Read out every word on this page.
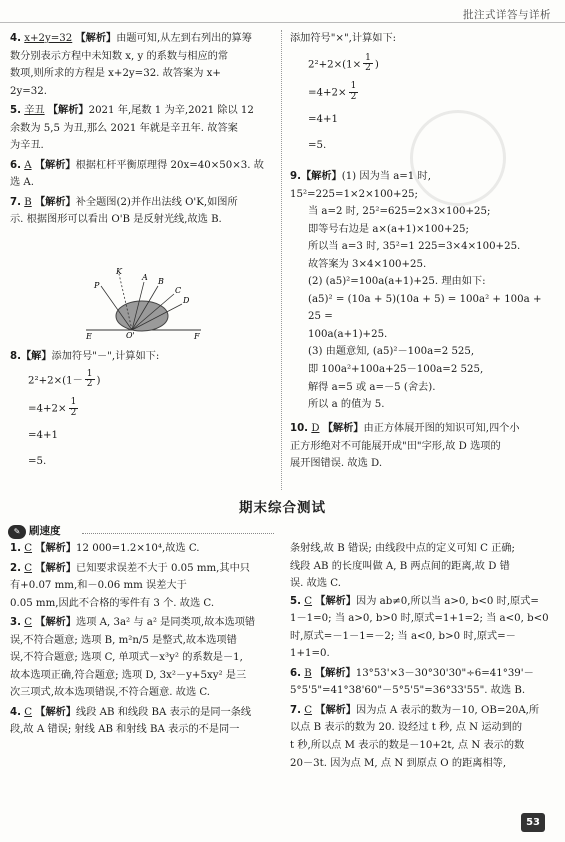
批注式详答与详析

4. x+2y=32 【解析】由题可知,从左到右列出的算筹

数分别表示方程中未知数 x, y 的系数与相应的常

数项,则所求的方程是 x+2y=32. 故答案为 x+

2y=32.

5. 辛丑 【解析】2021 年,尾数 1 为辛,2021 除以 12

余数为 5,5 为丑,那么 2021 年就是辛丑年. 故答案

为辛丑.

6. A 【解析】根据杠杆平衡原理得 20x=40×50×3. 故

选 A.

7. B 【解析】补全题图(2)并作出法线 O'K,如图所

示. 根据图形可以看出 O'B 是反射光线,故选 B.

K
P
A B
C
D
E	F
O'

8.【解】添加符号"－",计算如下:

$2^2+2\times(1- \frac{1}{2}$ )

$=4+2\times \frac{1}{2}$

=4+1

=5.

添加符号"×",计算如下:

$2^2+2\times(1\times \frac{1}{2}$ )

$=4+2\times \frac{1}{2}$

=4+1

=5.

9.【解析】(1) 因为当 a=1 时, 15²=225=1×2×100+25;

当 a=2 时, 25²=625=2×3×100+25;

即等号右边是 a×(a+1)×100+25;

所以当 a=3 时, 35²=1 225=3×4×100+25.

故答案为 3×4×100+25.

(2) (a5)²=100a(a+1)+25. 理由如下:

(a5)² = (10a + 5)(10a + 5) = 100a² + 100a + 25 =

100a(a+1)+25.

(3) 由题意知, (a5)²－100a=2 525,

即 100a²+100a+25－100a=2 525,

解得 a=5 或 a=－5 (舍去).

所以 a 的值为 5.

10. D 【解析】由正方体展开图的知识可知,四个小

正方形绝对不可能展开成"田"字形,故 D 选项的

展开图错误. 故选 D.

期末综合测试
✎ 刷速度

1. C 【解析】12 000=1.2×10⁴,故选 C.

2. C 【解析】已知要求误差不大于 0.05 mm,其中只

有+0.07 mm,和－0.06 mm 误差大于

0.05 mm,因此不合格的零件有 3 个. 故选 C.

3. C 【解析】选项 A, 3a² 与 a² 是同类项,故本选项错

误,不符合题意; 选项 B, m²n/5 是整式,故本选项错

误,不符合题意; 选项 C, 单项式－x³y² 的系数是－1,

故本选项正确,符合题意; 选项 D, 3x²－y+5xy² 是三

次三项式,故本选项错误,不符合题意. 故选 C.

4. C 【解析】线段 AB 和线段 BA 表示的是同一条线

段,故 A 错误; 射线 AB 和射线 BA 表示的不是同一

条射线,故 B 错误; 由线段中点的定义可知 C 正确;

线段 AB 的长度叫做 A, B 两点间的距离,故 D 错

误. 故选 C.

5. C 【解析】因为 ab≠0,所以当 a>0, b<0 时,原式=

1－1=0; 当 a>0, b>0 时,原式=1+1=2; 当 a<0, b<0

时,原式=－1－1=－2; 当 a<0, b>0 时,原式=－1+1=0.

6. B 【解析】13°53'×3－30°30'30"÷6=41°39'－

5°5'5"=41°38'60"－5°5'5"=36°33'55". 故选 B.

7. C 【解析】因为点 A 表示的数为－10, OB=20A,所

以点 B 表示的数为 20. 设经过 t 秒, 点 N 运动到的

t 秒,所以点 M 表示的数是－10+2t, 点 N 表示的数

20－3t. 因为点 M, 点 N 到原点 O 的距离相等,

53
